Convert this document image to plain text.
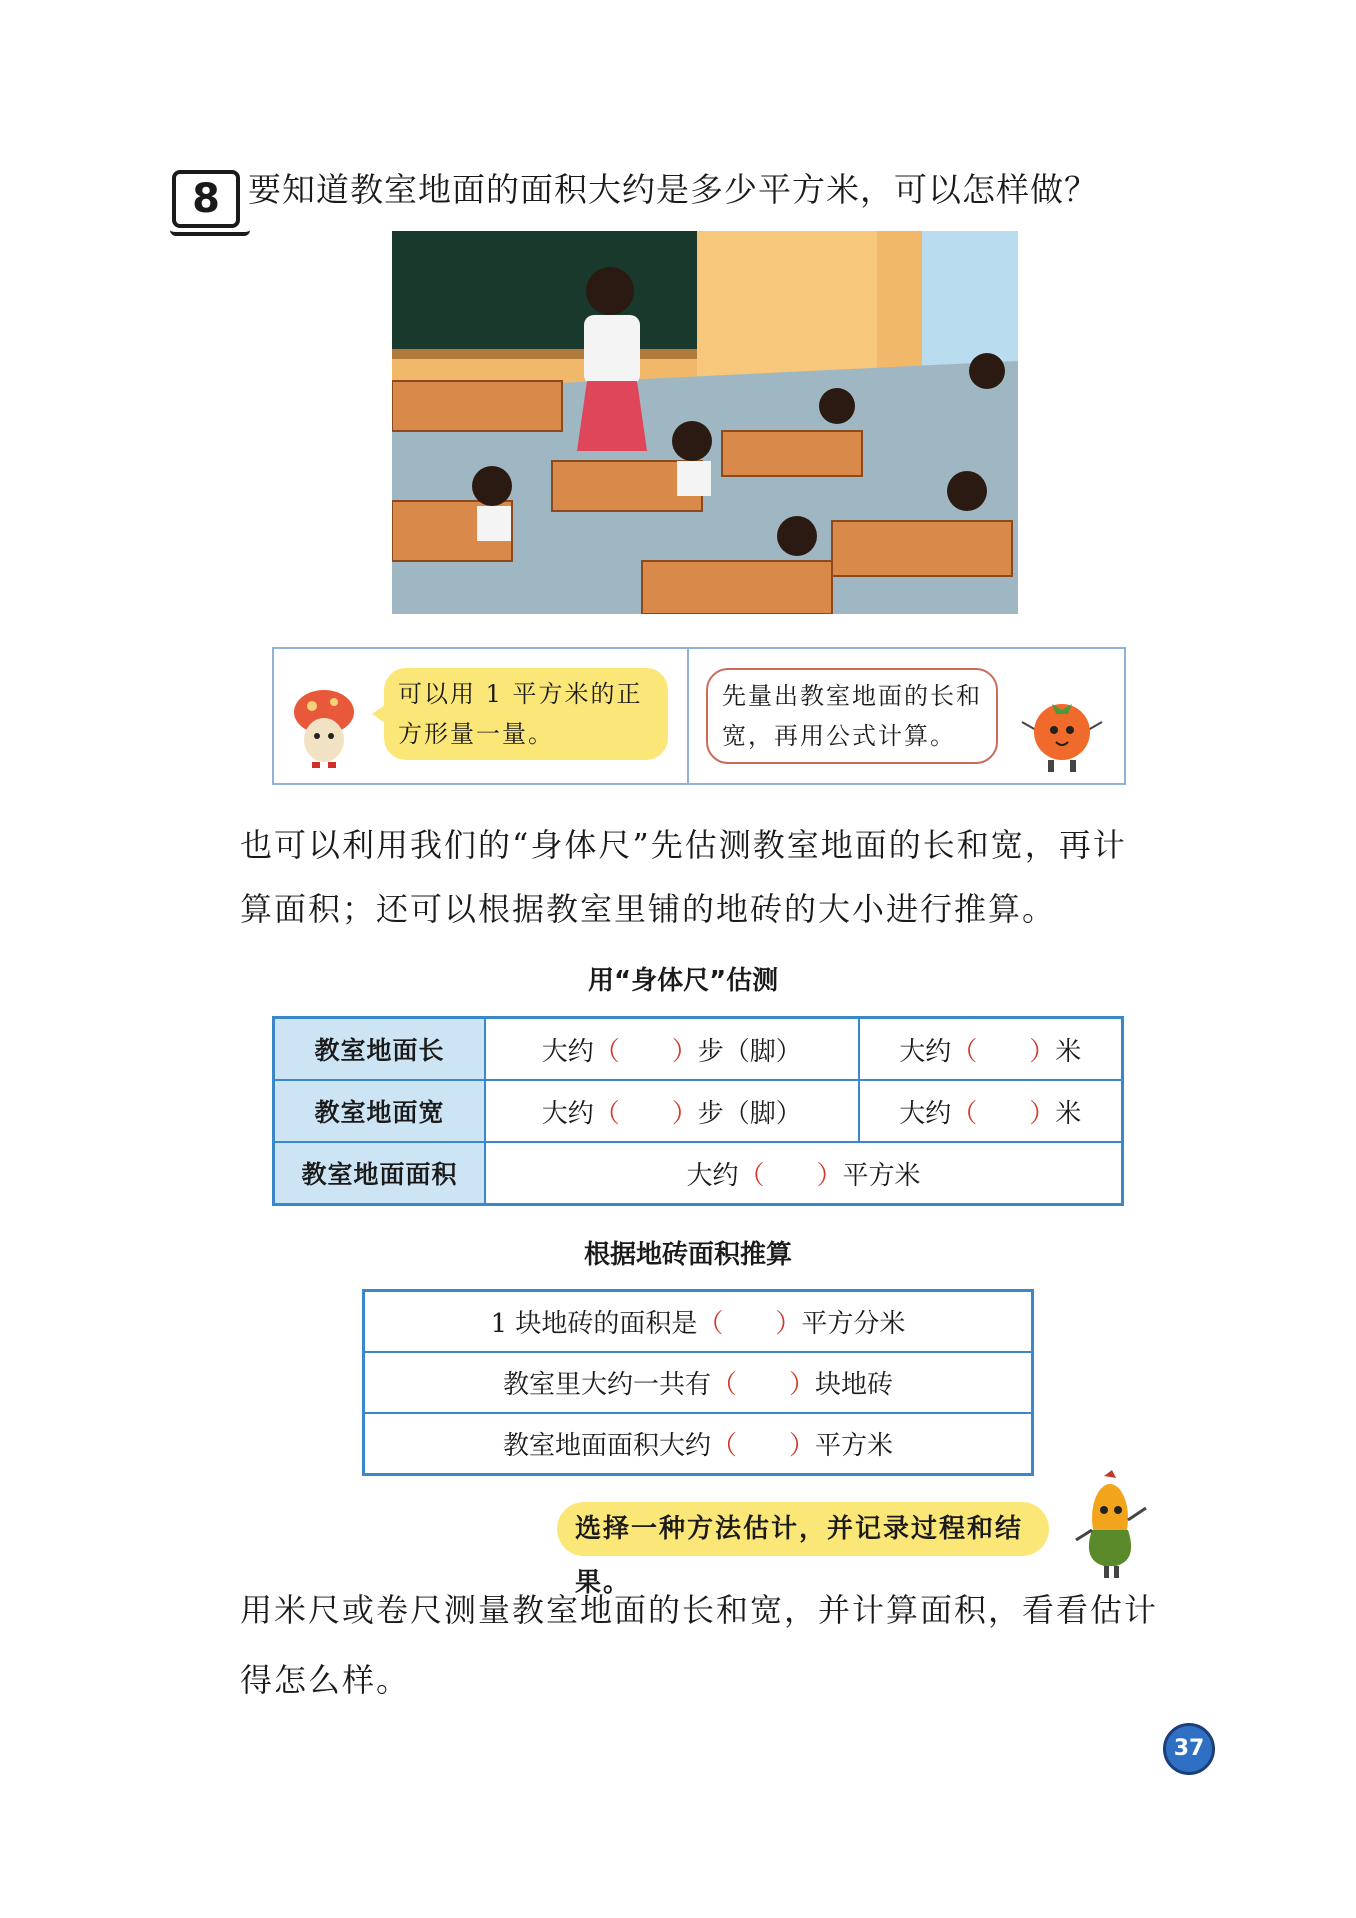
8 要知道教室地面的面积大约是多少平方米，可以怎样做？
可以用 1 平方米的正方形量一量。
先量出教室地面的长和宽，再用公式计算。
也可以利用我们的“身体尺”先估测教室地面的长和宽，再计
算面积；还可以根据教室里铺的地砖的大小进行推算。
用“身体尺”估测
教室地面长	大约（ ）步（脚）	大约（ ）米
教室地面宽	大约（ ）步（脚）	大约（ ）米
教室地面面积	大约（ ）平方米	
根据地砖面积推算
1 块地砖的面积是（ ）平方分米
教室里大约一共有（ ）块地砖
教室地面面积大约（ ）平方米
选择一种方法估计，并记录过程和结果。
用米尺或卷尺测量教室地面的长和宽，并计算面积，看看估计
得怎么样。
37
